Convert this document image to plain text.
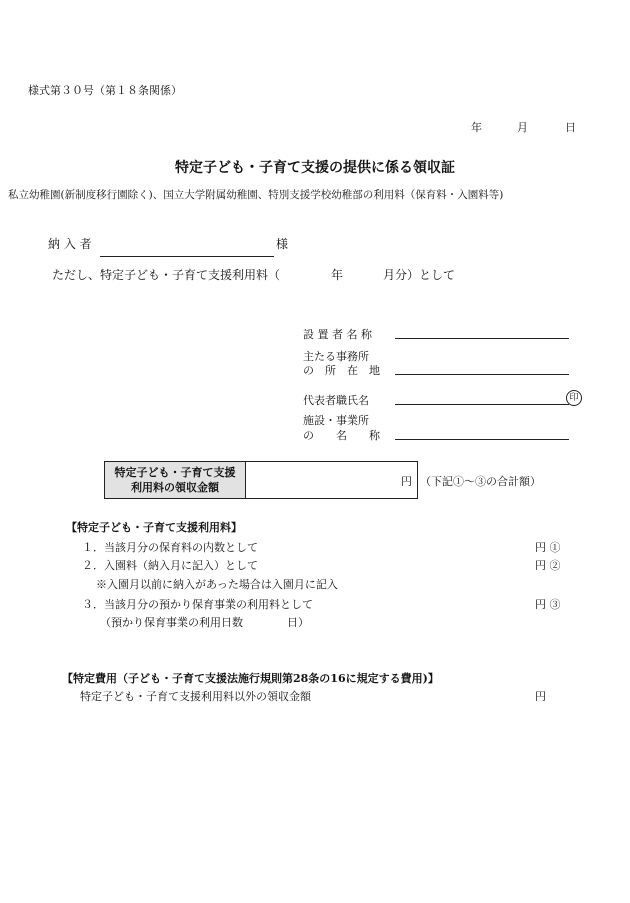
様式第３０号（第１８条関係）
年	月	日
特定子ども・子育て支援の提供に係る領収証
私立幼稚園(新制度移行園除く)、国立大学附属幼稚園、特別支援学校幼稚部の利用料（保育料・入園料等)
納 入 者	様
ただし、特定子ども・子育て支援利用料（	年	月分）として
設 置 者 名 称
主たる事務所
の　所　在　地
代表者職氏名	印
施設・事業所
の　　名　　称
特定子ども・子育て支援
利用料の領収金額	円 （下記①～③の合計額）
【特定子ども・子育て支援利用料】
１．当該月分の保育料の内数として	円 ①
２．入園料（納入月に記入）として	円 ②
※入園月以前に納入があった場合は入園月に記入
３．当該月分の預かり保育事業の利用料として	円 ③
（預かり保育事業の利用日数　　　　日）
【特定費用（子ども・子育て支援法施行規則第28条の16に規定する費用)】
特定子ども・子育て支援利用料以外の領収金額	円
